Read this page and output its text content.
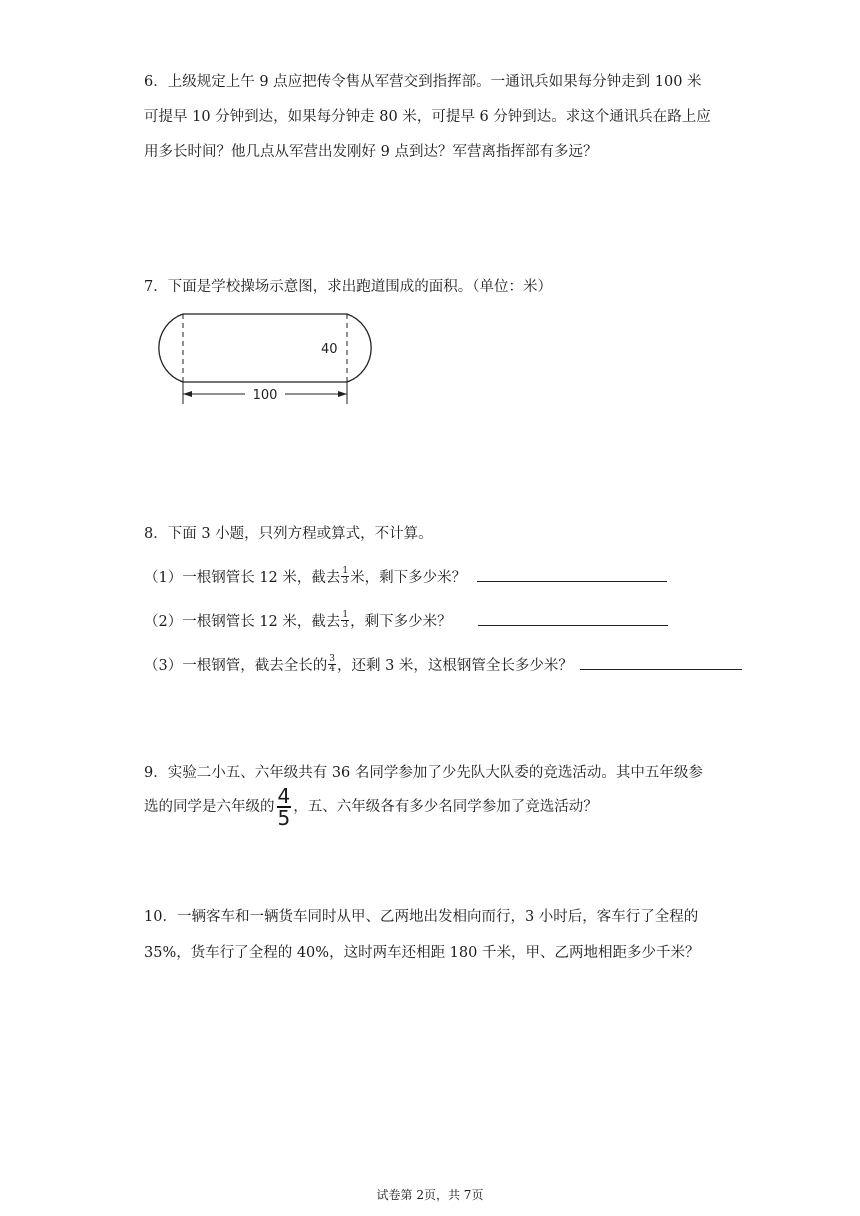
6．上级规定上午 9 点应把传令售从军营交到指挥部。一通讯兵如果每分钟走到 100 米

可提早 10 分钟到达，如果每分钟走 80 米，可提早 6 分钟到达。求这个通讯兵在路上应

用多长时间？他几点从军营出发刚好 9 点到达？军营离指挥部有多远？

7．下面是学校操场示意图，求出跑道围成的面积。（单位：米）

40
100

8．下面 3 小题，只列方程或算式，不计算。

（1）一根钢管长 12 米，截去 $\frac{1}{3}$ 米，剩下多少米？

（2）一根钢管长 12 米，截去 $\frac{1}{3}$ ，剩下多少米？

（3）一根钢管，截去全长的 $\frac{3}{4}$ ，还剩 3 米，这根钢管全长多少米？

9．实验二小五、六年级共有 36 名同学参加了少先队大队委的竞选活动。其中五年级参

选的同学是六年级的 $\frac{4}{5}$ ，五、六年级各有多少名同学参加了竞选活动？

10．一辆客车和一辆货车同时从甲、乙两地出发相向而行，3 小时后，客车行了全程的

35%，货车行了全程的 40%，这时两车还相距 180 千米，甲、乙两地相距多少千米？

试卷第 2页，共 7页
